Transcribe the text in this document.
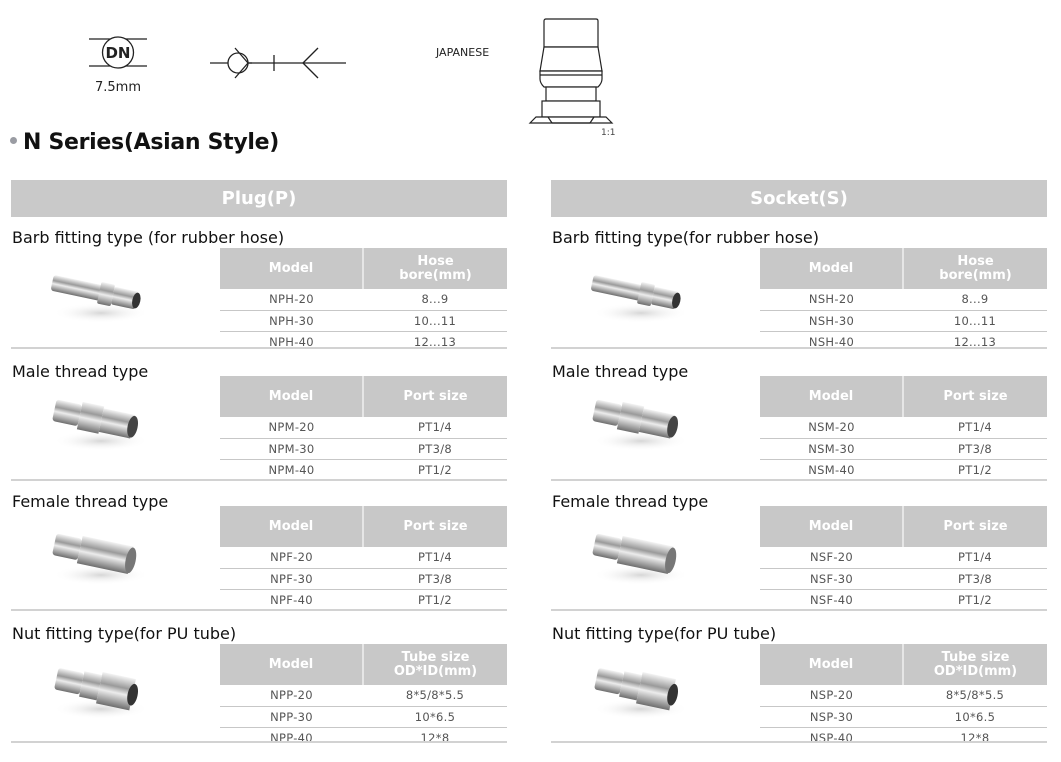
DN
7.5mm
JAPANESE
1:1
N Series(Asian Style)
Plug(P)
Barb fitting type (for rubber hose)
Model	Hose
bore(mm)
NPH-20	8...9
NPH-30	10...11
NPH-40	12...13
Male thread type
Model	Port size
NPM-20	PT1/4
NPM-30	PT3/8
NPM-40	PT1/2
Female thread type
Model	Port size
NPF-20	PT1/4
NPF-30	PT3/8
NPF-40	PT1/2
Nut fitting type(for PU tube)
Model	Tube size
OD*ID(mm)
NPP-20	8*5/8*5.5
NPP-30	10*6.5
NPP-40	12*8
Socket(S)
Barb fitting type(for rubber hose)
Model	Hose
bore(mm)
NSH-20	8...9
NSH-30	10...11
NSH-40	12...13
Male thread type
Model	Port size
NSM-20	PT1/4
NSM-30	PT3/8
NSM-40	PT1/2
Female thread type
Model	Port size
NSF-20	PT1/4
NSF-30	PT3/8
NSF-40	PT1/2
Nut fitting type(for PU tube)
Model	Tube size
OD*ID(mm)
NSP-20	8*5/8*5.5
NSP-30	10*6.5
NSP-40	12*8
